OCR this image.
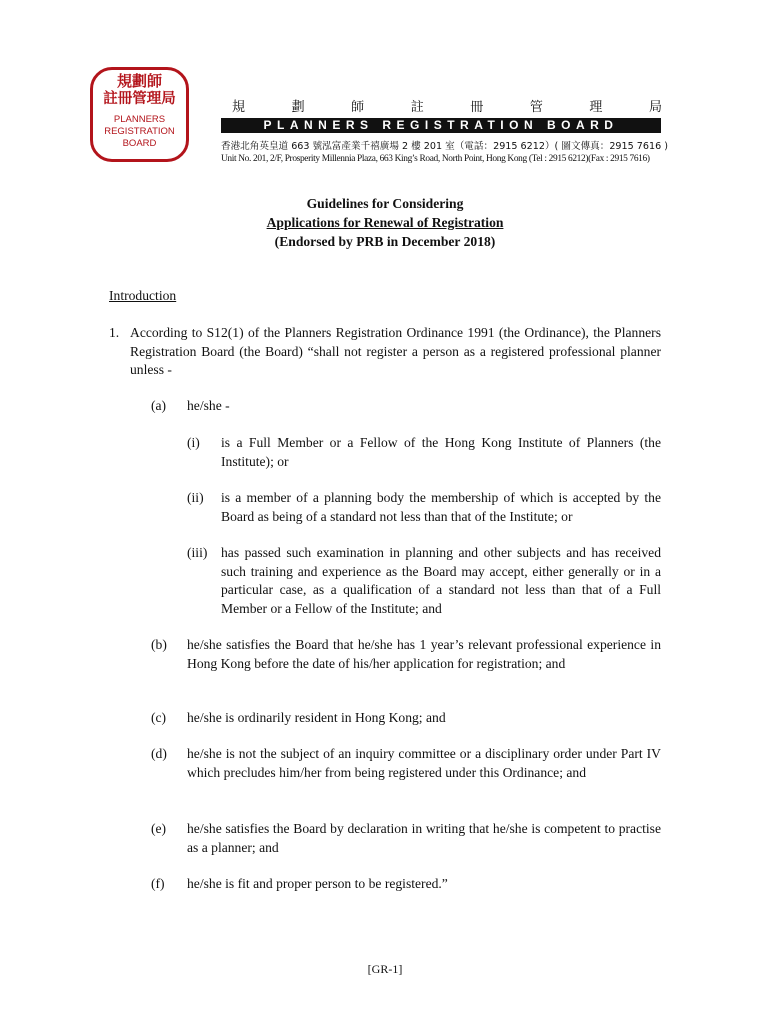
規劃師
註冊管理局
PLANNERS
REGISTRATION
BOARD
規	劃	師	註	冊	管	理	局
PLANNERS REGISTRATION BOARD
香港北角英皇道 663 號泓富產業千禧廣場 2 樓 201 室（電話：2915 6212）( 圖文傳真：2915 7616 )
Unit No. 201, 2/F, Prosperity Millennia Plaza, 663 King’s Road, North Point, Hong Kong (Tel : 2915 6212)(Fax : 2915 7616)
Guidelines for Considering
Applications for Renewal of Registration
(Endorsed by PRB in December 2018)
Introduction
1. According to S12(1) of the Planners Registration Ordinance 1991 (the Ordinance), the Planners Registration Board (the Board) “shall not register a person as a registered professional planner unless -
(a) he/she -
(i) is a Full Member or a Fellow of the Hong Kong Institute of Planners (the Institute); or
(ii) is a member of a planning body the membership of which is accepted by the Board as being of a standard not less than that of the Institute; or
(iii) has passed such examination in planning and other subjects and has received such training and experience as the Board may accept, either generally or in a particular case, as a qualification of a standard not less than that of a Full Member or a Fellow of the Institute; and
(b) he/she satisfies the Board that he/she has 1 year’s relevant professional experience in Hong Kong before the date of his/her application for registration; and
(c) he/she is ordinarily resident in Hong Kong; and
(d) he/she is not the subject of an inquiry committee or a disciplinary order under Part IV which precludes him/her from being registered under this Ordinance; and
(e) he/she satisfies the Board by declaration in writing that he/she is competent to practise as a planner; and
(f) he/she is fit and proper person to be registered.”
[GR-1]
